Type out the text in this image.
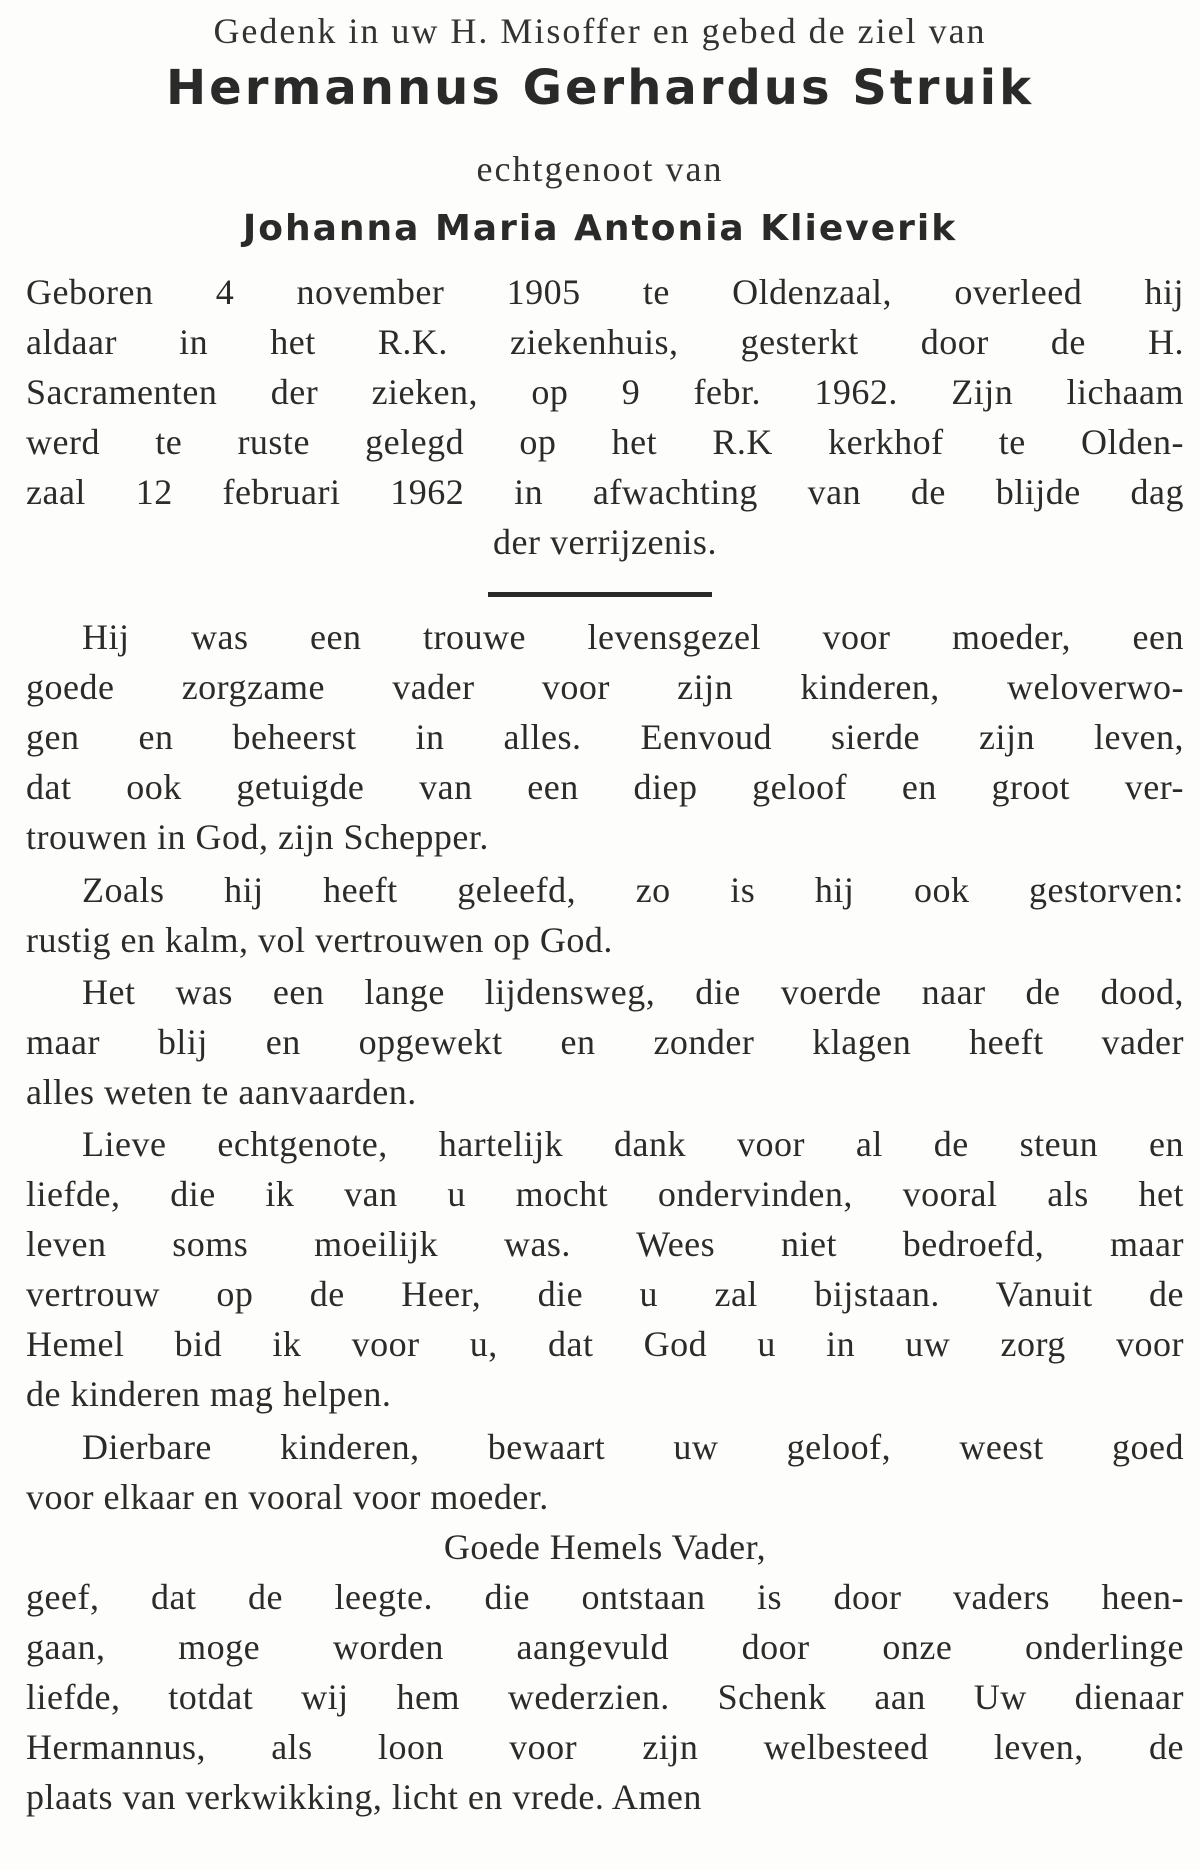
Gedenk in uw H. Misoffer en gebed de ziel van
Hermannus Gerhardus Struik
echtgenoot van
Johanna Maria Antonia Klieverik
Geboren 4 november 1905 te Oldenzaal, overleed hij
aldaar in het R.K. ziekenhuis, gesterkt door de H.
Sacramenten der zieken, op 9 febr. 1962. Zijn lichaam
werd te ruste gelegd op het R.K kerkhof te Olden-
zaal 12 februari 1962 in afwachting van de blijde dag
der verrijzenis.
Hij was een trouwe levensgezel voor moeder, een
goede zorgzame vader voor zijn kinderen, weloverwo-
gen en beheerst in alles. Eenvoud sierde zijn leven,
dat ook getuigde van een diep geloof en groot ver-
trouwen in God, zijn Schepper.
Zoals hij heeft geleefd, zo is hij ook gestorven:
rustig en kalm, vol vertrouwen op God.
Het was een lange lijdensweg, die voerde naar de dood,
maar blij en opgewekt en zonder klagen heeft vader
alles weten te aanvaarden.
Lieve echtgenote, hartelijk dank voor al de steun en
liefde, die ik van u mocht ondervinden, vooral als het
leven soms moeilijk was. Wees niet bedroefd, maar
vertrouw op de Heer, die u zal bijstaan. Vanuit de
Hemel bid ik voor u, dat God u in uw zorg voor
de kinderen mag helpen.
Dierbare kinderen, bewaart uw geloof, weest goed
voor elkaar en vooral voor moeder.
Goede Hemels Vader,
geef, dat de leegte. die ontstaan is door vaders heen-
gaan, moge worden aangevuld door onze onderlinge
liefde, totdat wij hem wederzien. Schenk aan Uw dienaar
Hermannus, als loon voor zijn welbesteed leven, de
plaats van verkwikking, licht en vrede. Amen
